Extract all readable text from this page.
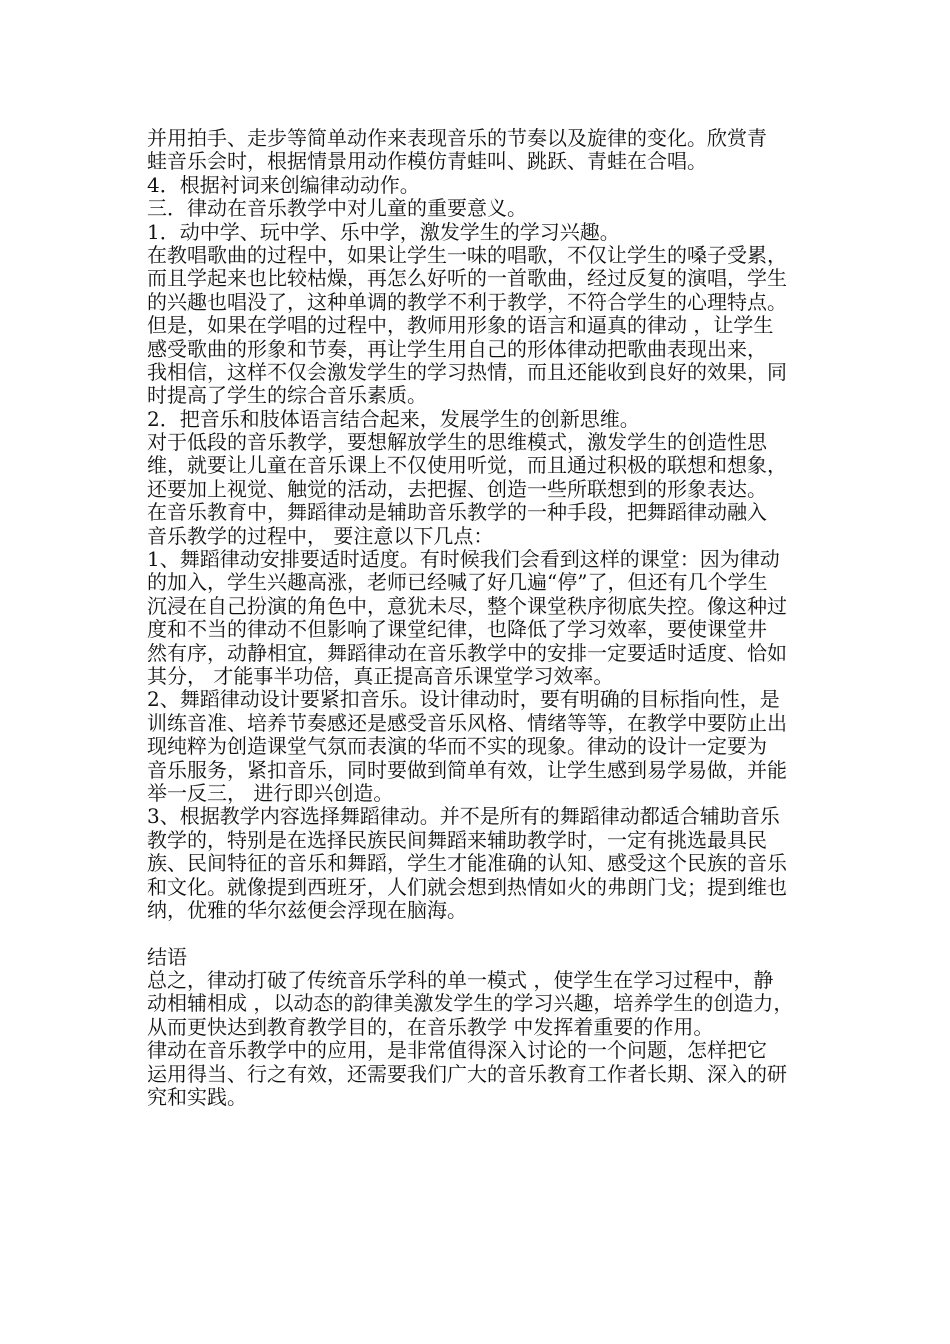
并用拍手、走步等简单动作来表现音乐的节奏以及旋律的变化。欣赏青

蛙音乐会时，根据情景用动作模仿青蛙叫、跳跃、青蛙在合唱。

4．根据衬词来创编律动动作。

三．律动在音乐教学中对儿童的重要意义。

1．动中学、玩中学、乐中学，激发学生的学习兴趣。

在教唱歌曲的过程中，如果让学生一味的唱歌，不仅让学生的嗓子受累，

而且学起来也比较枯燥，再怎么好听的一首歌曲，经过反复的演唱，学生

的兴趣也唱没了，这种单调的教学不利于教学，不符合学生的心理特点。

但是，如果在学唱的过程中，教师用形象的语言和逼真的律动 ，让学生

感受歌曲的形象和节奏，再让学生用自己的形体律动把歌曲表现出来，

我相信，这样不仅会激发学生的学习热情，而且还能收到良好的效果，同

时提高了学生的综合音乐素质。

2．把音乐和肢体语言结合起来，发展学生的创新思维。

对于低段的音乐教学，要想解放学生的思维模式，激发学生的创造性思

维，就要让儿童在音乐课上不仅使用听觉，而且通过积极的联想和想象，

还要加上视觉、触觉的活动，去把握、创造一些所联想到的形象表达。

在音乐教育中，舞蹈律动是辅助音乐教学的一种手段，把舞蹈律动融入

音乐教学的过程中， 要注意以下几点：

1、舞蹈律动安排要适时适度。有时候我们会看到这样的课堂：因为律动

的加入，学生兴趣高涨，老师已经喊了好几遍“停”了，但还有几个学生

沉浸在自己扮演的角色中，意犹未尽，整个课堂秩序彻底失控。像这种过

度和不当的律动不但影响了课堂纪律，也降低了学习效率，要使课堂井

然有序，动静相宜，舞蹈律动在音乐教学中的安排一定要适时适度、恰如

其分， 才能事半功倍，真正提高音乐课堂学习效率。

2、舞蹈律动设计要紧扣音乐。设计律动时，要有明确的目标指向性，是

训练音准、培养节奏感还是感受音乐风格、情绪等等，在教学中要防止出

现纯粹为创造课堂气氛而表演的华而不实的现象。律动的设计一定要为

音乐服务，紧扣音乐，同时要做到简单有效，让学生感到易学易做，并能

举一反三， 进行即兴创造。

3、根据教学内容选择舞蹈律动。并不是所有的舞蹈律动都适合辅助音乐

教学的，特别是在选择民族民间舞蹈来辅助教学时，一定有挑选最具民

族、民间特征的音乐和舞蹈，学生才能准确的认知、感受这个民族的音乐

和文化。就像提到西班牙，人们就会想到热情如火的弗朗门戈；提到维也

纳，优雅的华尔兹便会浮现在脑海。

结语

总之，律动打破了传统音乐学科的单一模式 ，使学生在学习过程中，静

动相辅相成 ，以动态的韵律美激发学生的学习兴趣，培养学生的创造力，

从而更快达到教育教学目的，在音乐教学 中发挥着重要的作用。

律动在音乐教学中的应用，是非常值得深入讨论的一个问题，怎样把它

运用得当、行之有效，还需要我们广大的音乐教育工作者长期、深入的研

究和实践。
